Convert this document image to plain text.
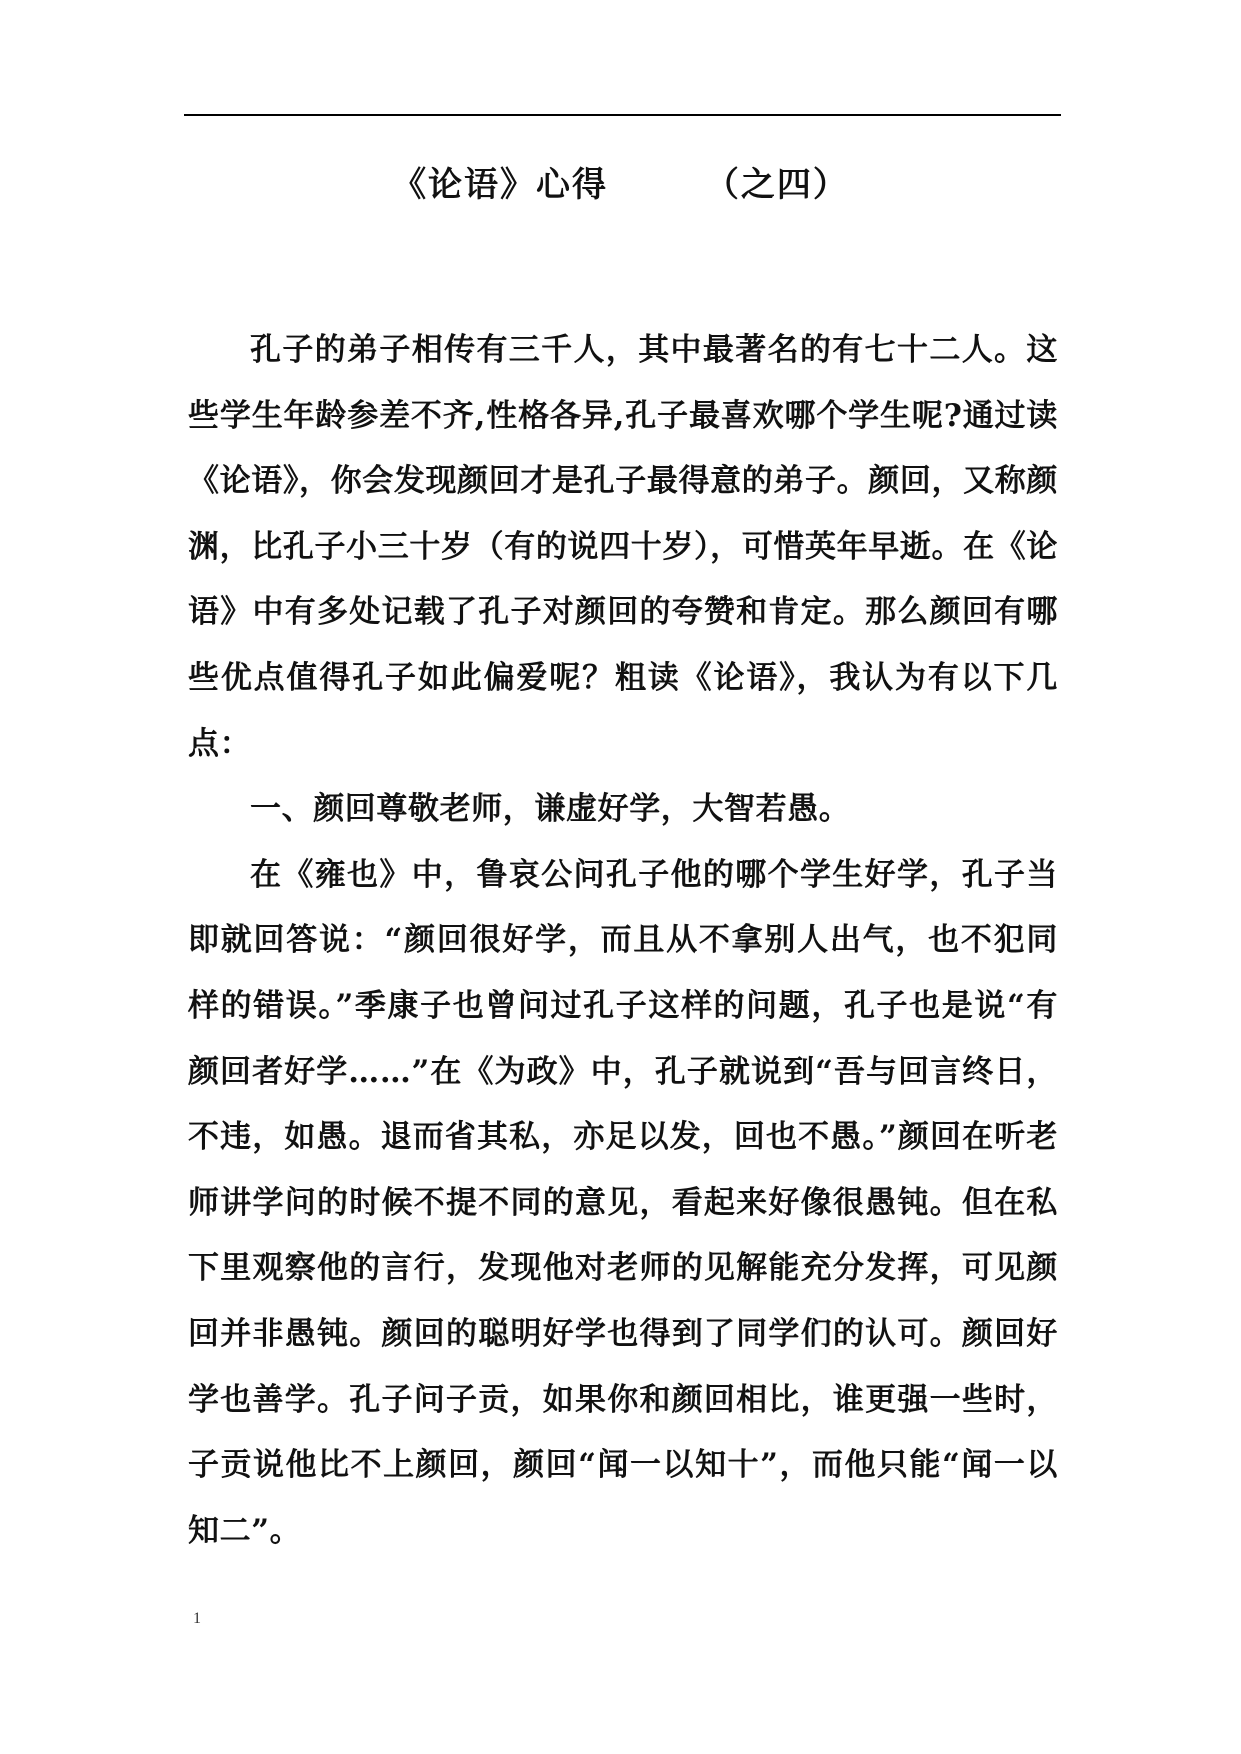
《论语》心得	（之四）

孔子的弟子相传有三千人，其中最著名的有七十二人。这些学生年龄参差不齐,性格各异,孔子最喜欢哪个学生呢?通过读《论语》，你会发现颜回才是孔子最得意的弟子。颜回，又称颜渊，比孔子小三十岁（有的说四十岁），可惜英年早逝。在《论语》中有多处记载了孔子对颜回的夸赞和肯定。那么颜回有哪些优点值得孔子如此偏爱呢？粗读《论语》，我认为有以下几点：

一、颜回尊敬老师，谦虚好学，大智若愚。

在《雍也》中，鲁哀公问孔子他的哪个学生好学，孔子当即就回答说：“颜回很好学，而且从不拿别人出气，也不犯同样的错误。”季康子也曾问过孔子这样的问题，孔子也是说“有颜回者好学……”在《为政》中，孔子就说到“吾与回言终日，不违，如愚。退而省其私，亦足以发，回也不愚。”颜回在听老师讲学问的时候不提不同的意见，看起来好像很愚钝。但在私下里观察他的言行，发现他对老师的见解能充分发挥，可见颜回并非愚钝。颜回的聪明好学也得到了同学们的认可。颜回好学也善学。孔子问子贡，如果你和颜回相比，谁更强一些时，子贡说他比不上颜回，颜回“闻一以知十”，而他只能“闻一以知二”。

1
